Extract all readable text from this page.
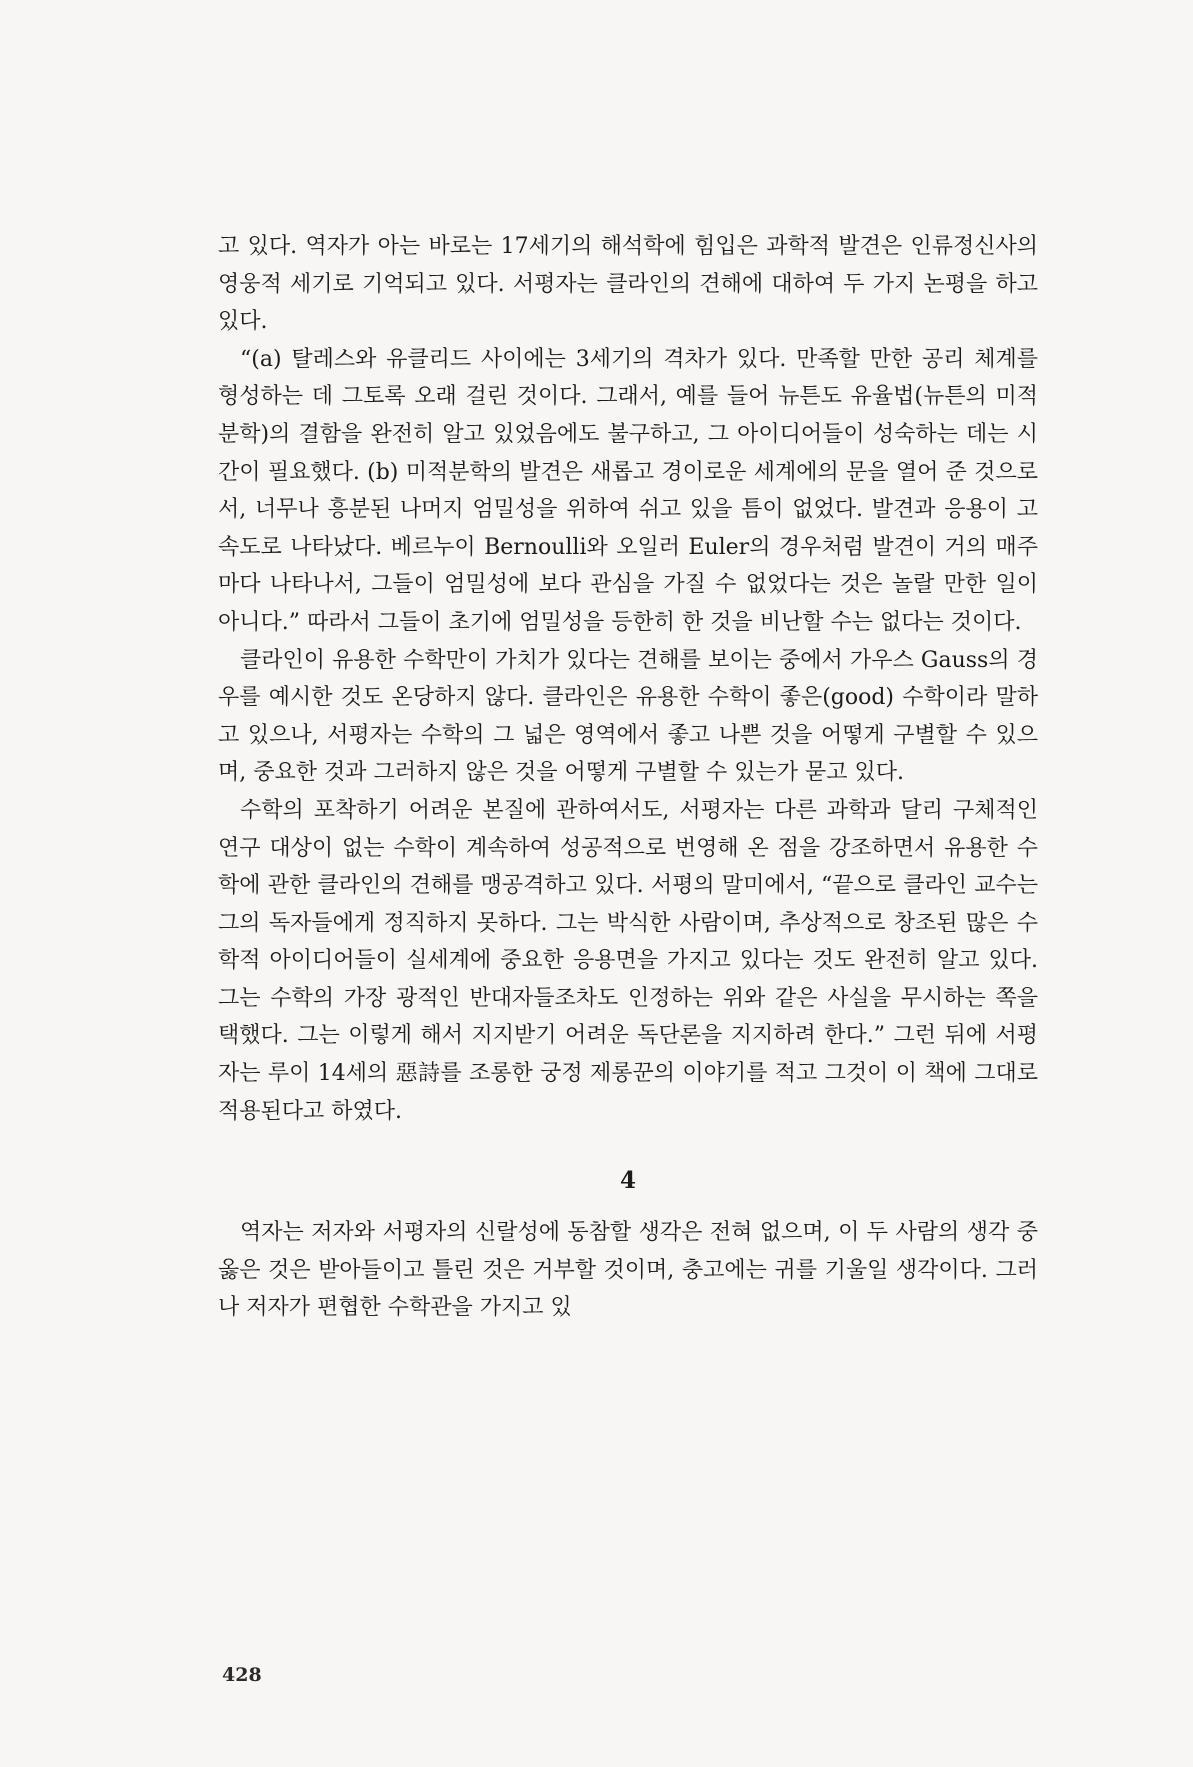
고 있다. 역자가 아는 바로는 17세기의 해석학에 힘입은 과학적 발견은 인류정신사의 영웅적 세기로 기억되고 있다. 서평자는 클라인의 견해에 대하여 두 가지 논평을 하고 있다.

“(a) 탈레스와 유클리드 사이에는 3세기의 격차가 있다. 만족할 만한 공리 체계를 형성하는 데 그토록 오래 걸린 것이다. 그래서, 예를 들어 뉴튼도 유율법(뉴튼의 미적분학)의 결함을 완전히 알고 있었음에도 불구하고, 그 아이디어들이 성숙하는 데는 시간이 필요했다. (b) 미적분학의 발견은 새롭고 경이로운 세계에의 문을 열어 준 것으로서, 너무나 흥분된 나머지 엄밀성을 위하여 쉬고 있을 틈이 없었다. 발견과 응용이 고속도로 나타났다. 베르누이 Bernoulli와 오일러 Euler의 경우처럼 발견이 거의 매주마다 나타나서, 그들이 엄밀성에 보다 관심을 가질 수 없었다는 것은 놀랄 만한 일이 아니다.” 따라서 그들이 초기에 엄밀성을 등한히 한 것을 비난할 수는 없다는 것이다.

클라인이 유용한 수학만이 가치가 있다는 견해를 보이는 중에서 가우스 Gauss의 경우를 예시한 것도 온당하지 않다. 클라인은 유용한 수학이 좋은(good) 수학이라 말하고 있으나, 서평자는 수학의 그 넓은 영역에서 좋고 나쁜 것을 어떻게 구별할 수 있으며, 중요한 것과 그러하지 않은 것을 어떻게 구별할 수 있는가 묻고 있다.

수학의 포착하기 어려운 본질에 관하여서도, 서평자는 다른 과학과 달리 구체적인 연구 대상이 없는 수학이 계속하여 성공적으로 번영해 온 점을 강조하면서 유용한 수학에 관한 클라인의 견해를 맹공격하고 있다. 서평의 말미에서, “끝으로 클라인 교수는 그의 독자들에게 정직하지 못하다. 그는 박식한 사람이며, 추상적으로 창조된 많은 수학적 아이디어들이 실세계에 중요한 응용면을 가지고 있다는 것도 완전히 알고 있다. 그는 수학의 가장 광적인 반대자들조차도 인정하는 위와 같은 사실을 무시하는 쪽을 택했다. 그는 이렇게 해서 지지받기 어려운 독단론을 지지하려 한다.” 그런 뒤에 서평자는 루이 14세의 惡詩를 조롱한 궁정 제롱꾼의 이야기를 적고 그것이 이 책에 그대로 적용된다고 하였다.

4

역자는 저자와 서평자의 신랄성에 동참할 생각은 전혀 없으며, 이 두 사람의 생각 중 옳은 것은 받아들이고 틀린 것은 거부할 것이며, 충고에는 귀를 기울일 생각이다. 그러나 저자가 편협한 수학관을 가지고 있

428
